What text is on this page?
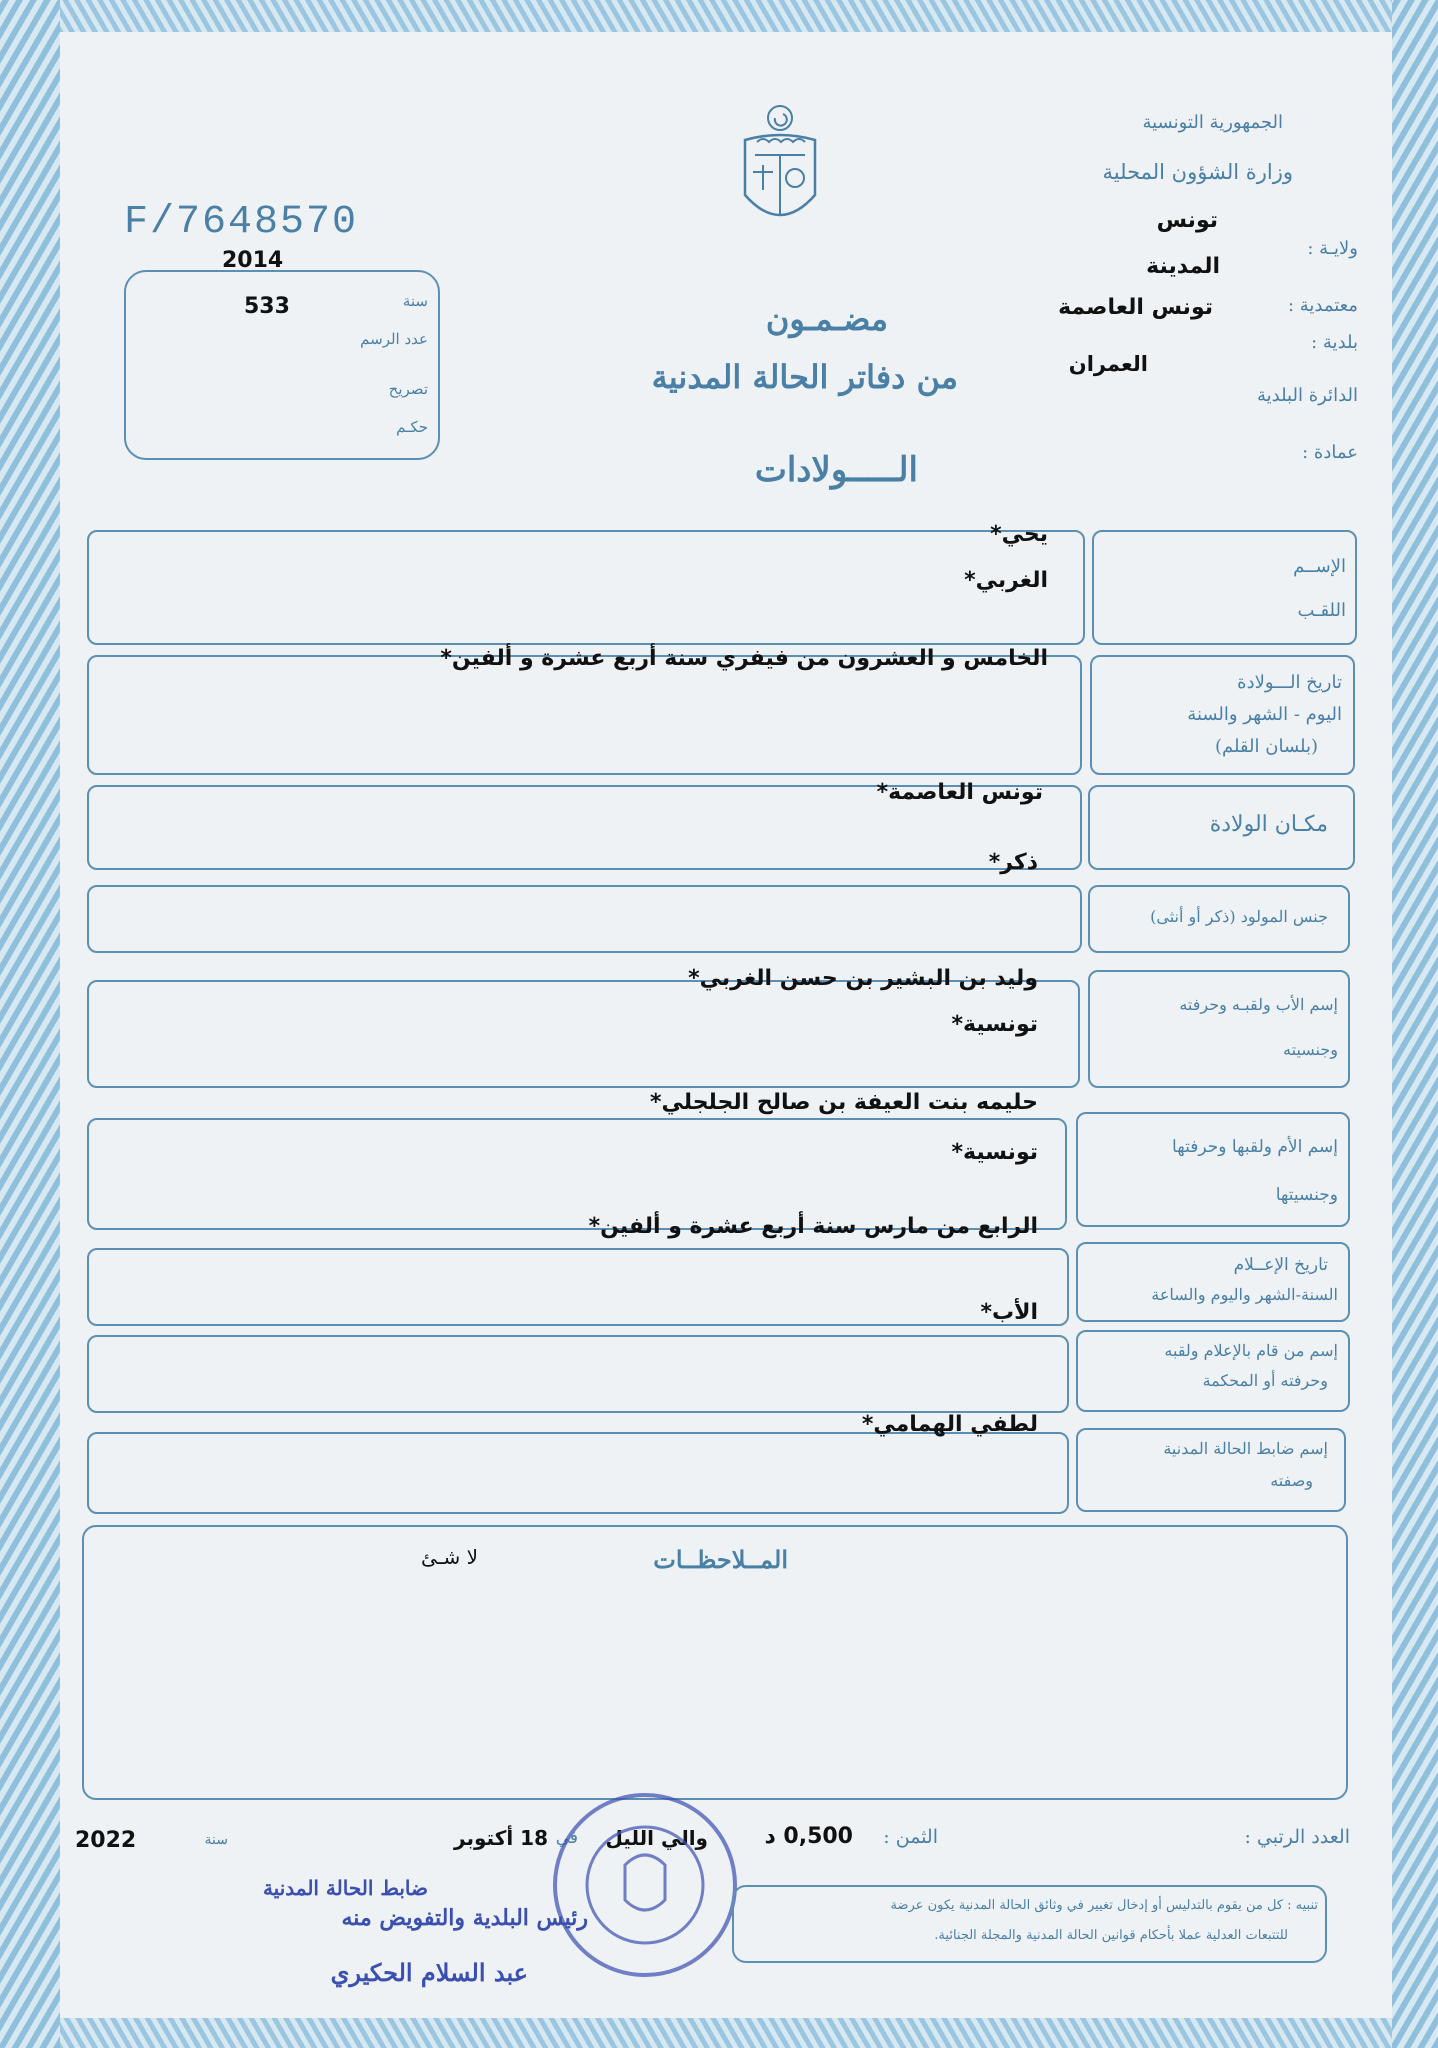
الجمهورية التونسية
وزارة الشؤون المحلية
ولايـة :
تونس
معتمدية :
المدينة
بلدية :
تونس العاصمة
الدائرة البلدية
العمران
عمادة :
F/7648570
2014
533	سنة
عدد الرسم
تصريح
حكـم
مضـمـون
من دفاتر الحالة المدنية
الـــــولادات
الإســم
اللقـب
يحي*
الغربي*
تاريخ الـــولادة
اليوم - الشهر والسنة
(بلسان القلم)
الخامس و العشرون من فيفري سنة أربع عشرة و ألفين*
مكـان الولادة
تونس العاصمة*
جنس المولود (ذكر أو أنثى)
ذكر*
إسم الأب ولقبـه وحرفته
وجنسيته
وليد بن البشير بن حسن الغربي*
تونسية*
إسم الأم ولقبها وحرفتها
وجنسيتها
حليمه بنت العيفة بن صالح الجلجلي*
تونسية*
تاريخ الإعــلام
السنة-الشهر واليوم والساعة
الرابع من مارس سنة أربع عشرة و ألفين*
إسم من قام بالإعلام ولقبه
وحرفته أو المحكمة
الأب*
إسم ضابط الحالة المدنية
وصفته
لطفي الهمامي*
المــلاحظــات
لا شـئ
العدد الرتبي :
الثمن :
0,500 د
والي الليل
في
18 أكتوبر
سنة
2022
ضابط الحالة المدنية
رئيس البلدية والتفويض منه
عبد السلام الحكيري
تنبيه : كل من يقوم بالتدليس أو إدخال تغيير في وثائق الحالة المدنية يكون عرضة
للتتبعات العدلية عملا بأحكام قوانين الحالة المدنية والمجلة الجنائية.
